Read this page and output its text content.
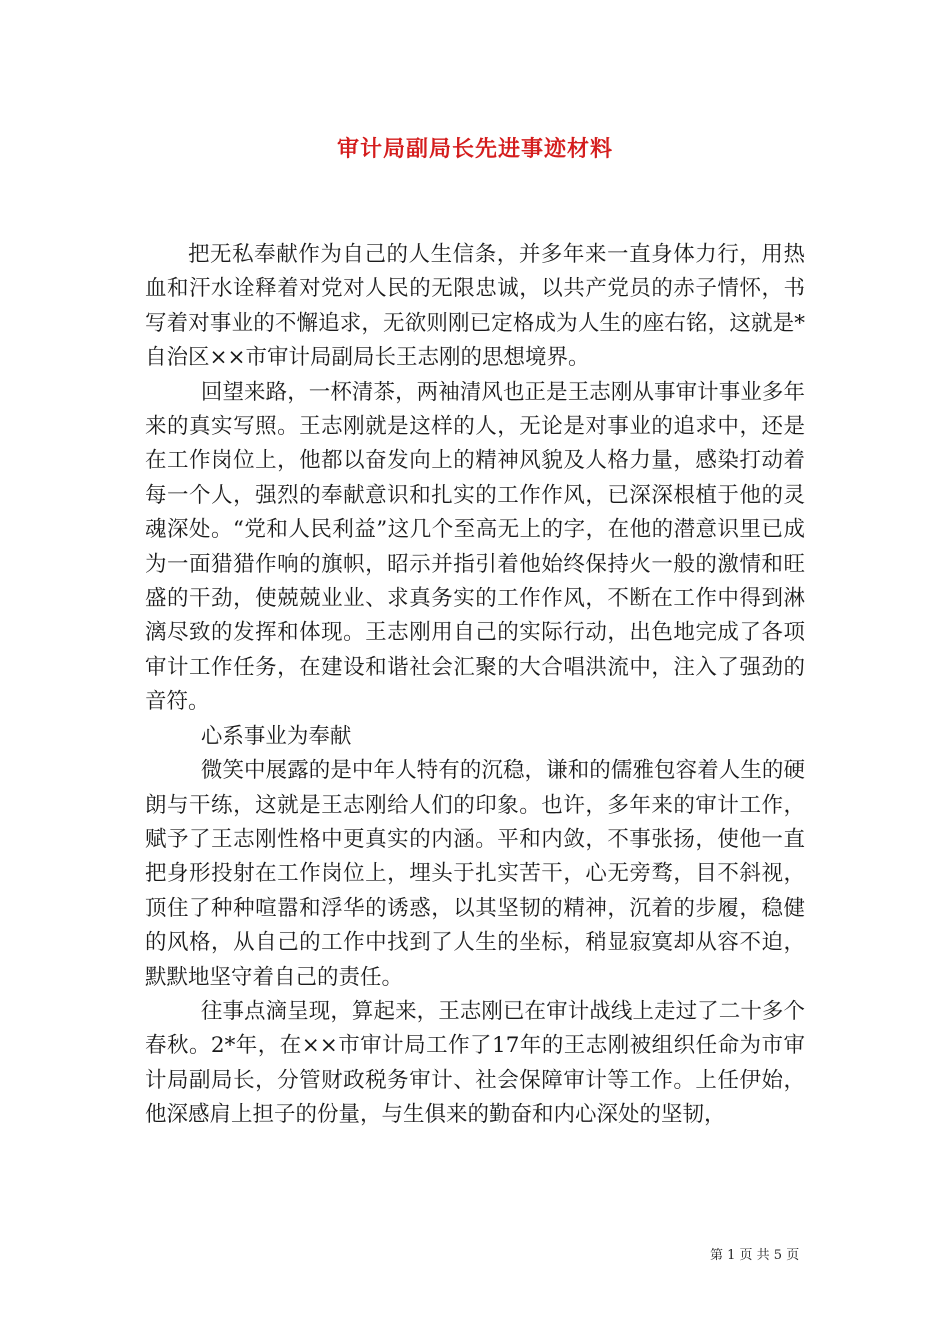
审计局副局长先进事迹材料

把无私奉献作为自己的人生信条，并多年来一直身体力行，用热血和汗水诠释着对党对人民的无限忠诚，以共产党员的赤子情怀，书写着对事业的不懈追求，无欲则刚已定格成为人生的座右铭，这就是*自治区××市审计局副局长王志刚的思想境界。

回望来路，一杯清茶，两袖清风也正是王志刚从事审计事业多年来的真实写照。王志刚就是这样的人，无论是对事业的追求中，还是在工作岗位上，他都以奋发向上的精神风貌及人格力量，感染打动着每一个人，强烈的奉献意识和扎实的工作作风，已深深根植于他的灵魂深处。“党和人民利益”这几个至高无上的字，在他的潜意识里已成为一面猎猎作响的旗帜，昭示并指引着他始终保持火一般的激情和旺盛的干劲，使兢兢业业、求真务实的工作作风，不断在工作中得到淋漓尽致的发挥和体现。王志刚用自己的实际行动，出色地完成了各项审计工作任务，在建设和谐社会汇聚的大合唱洪流中，注入了强劲的音符。

心系事业为奉献

微笑中展露的是中年人特有的沉稳，谦和的儒雅包容着人生的硬朗与干练，这就是王志刚给人们的印象。也许，多年来的审计工作，赋予了王志刚性格中更真实的内涵。平和内敛，不事张扬，使他一直把身形投射在工作岗位上，埋头于扎实苦干，心无旁骛，目不斜视，顶住了种种喧嚣和浮华的诱惑，以其坚韧的精神，沉着的步履，稳健的风格，从自己的工作中找到了人生的坐标，稍显寂寞却从容不迫，默默地坚守着自己的责任。

往事点滴呈现，算起来，王志刚已在审计战线上走过了二十多个春秋。2*年，在××市审计局工作了17年的王志刚被组织任命为市审计局副局长，分管财政税务审计、社会保障审计等工作。上任伊始，他深感肩上担子的份量，与生俱来的勤奋和内心深处的坚韧，

第 1 页 共 5 页
